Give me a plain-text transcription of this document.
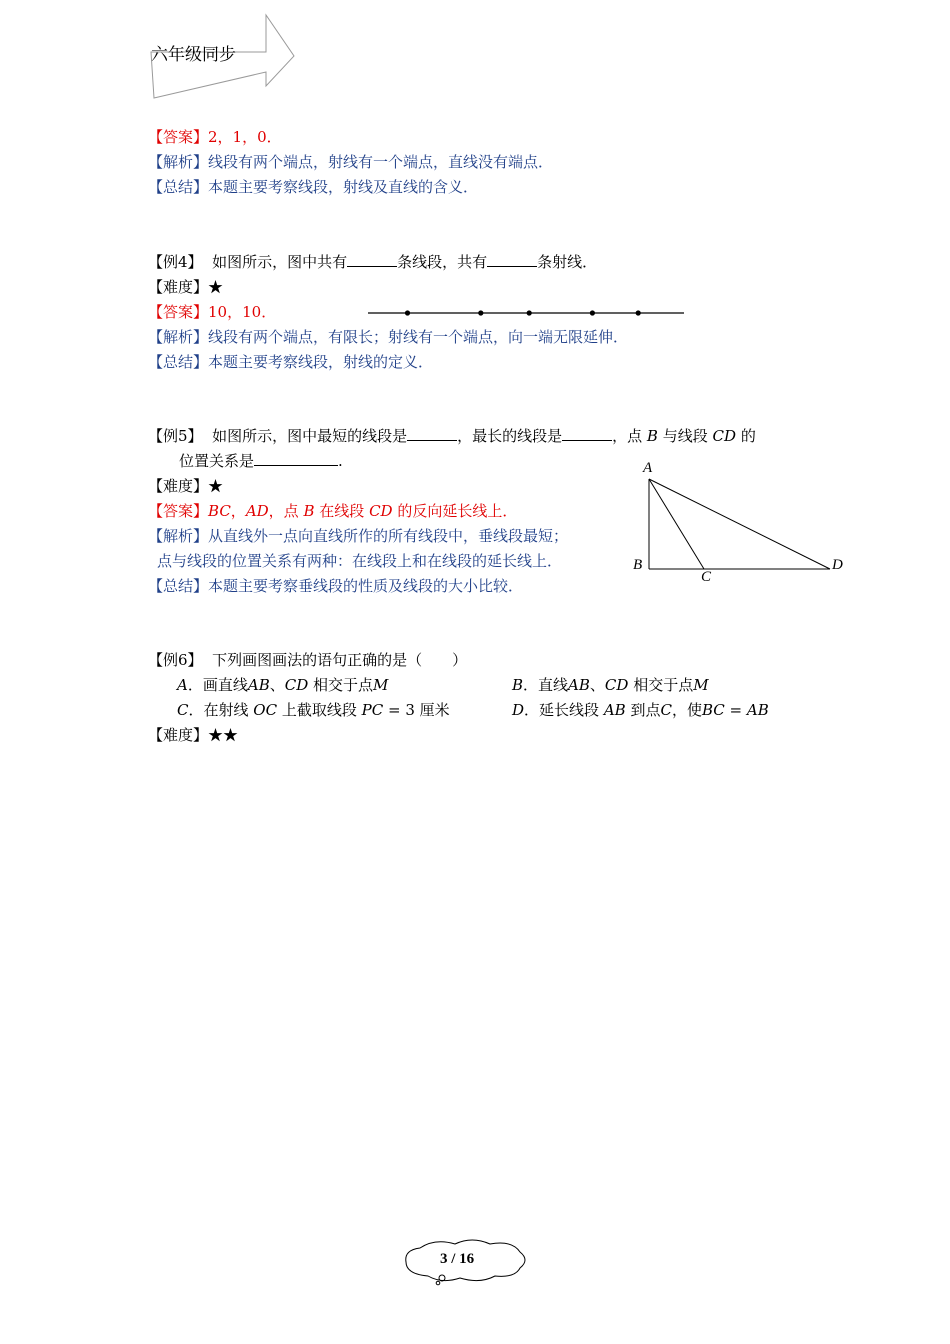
六年级同步
【答案】2，1，0．
【解析】线段有两个端点，射线有一个端点，直线没有端点．
【总结】本题主要考察线段，射线及直线的含义．
【例4】 如图所示，图中共有	条线段，共有	条射线．
【难度】★
【答案】10，10．
【解析】线段有两个端点，有限长；射线有一个端点，向一端无限延伸．
【总结】本题主要考察线段，射线的定义．
【例5】 如图所示，图中最短的线段是	，最长的线段是	，点 B 与线段 CD 的
位置关系是	.
【难度】★
【答案】BC，AD，点 B 在线段 CD 的反向延长线上．
【解析】从直线外一点向直线所作的所有线段中，垂线段最短；
点与线段的位置关系有两种：在线段上和在线段的延长线上．
【总结】本题主要考察垂线段的性质及线段的大小比较．
A
B
C
D
【例6】 下列画图画法的语句正确的是（　　）
A．画直线AB、CD 相交于点M	B．直线AB、CD 相交于点M
C．在射线 OC 上截取线段 PC = 3 厘米	D．延长线段 AB 到点C，使BC = AB
【难度】★★
3 / 16
